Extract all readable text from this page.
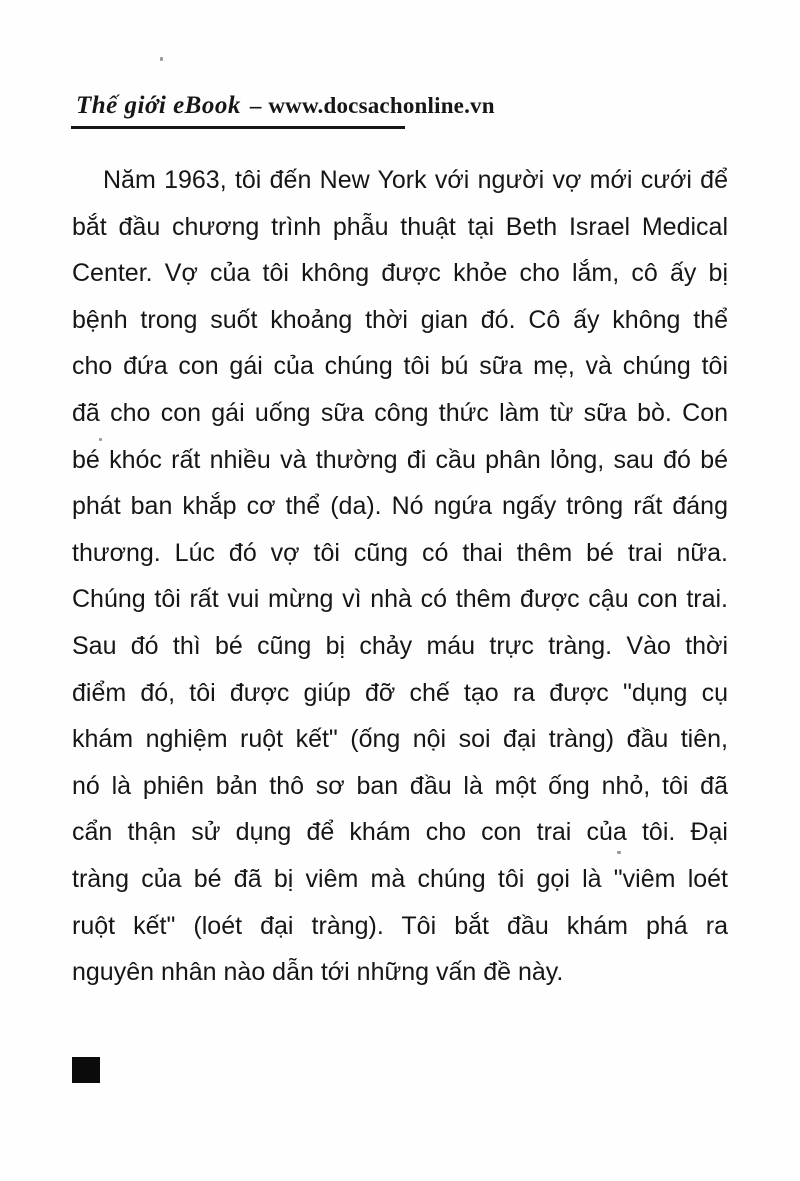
Thế giới eBook – www.docsachonline.vn
Năm 1963, tôi đến New York với người vợ mới cưới để
bắt đầu chương trình phẫu thuật tại Beth Israel Medical
Center. Vợ của tôi không được khỏe cho lắm, cô ấy bị
bệnh trong suốt khoảng thời gian đó. Cô ấy không thể
cho đứa con gái của chúng tôi bú sữa mẹ, và chúng tôi
đã cho con gái uống sữa công thức làm từ sữa bò. Con
bé khóc rất nhiều và thường đi cầu phân lỏng, sau đó bé
phát ban khắp cơ thể (da). Nó ngứa ngấy trông rất đáng
thương. Lúc đó vợ tôi cũng có thai thêm bé trai nữa.
Chúng tôi rất vui mừng vì nhà có thêm được cậu con trai.
Sau đó thì bé cũng bị chảy máu trực tràng. Vào thời
điểm đó, tôi được giúp đỡ chế tạo ra được "dụng cụ
khám nghiệm ruột kết" (ống nội soi đại tràng) đầu tiên,
nó là phiên bản thô sơ ban đầu là một ống nhỏ, tôi đã
cẩn thận sử dụng để khám cho con trai của tôi. Đại
tràng của bé đã bị viêm mà chúng tôi gọi là "viêm loét
ruột kết" (loét đại tràng). Tôi bắt đầu khám phá ra
nguyên nhân nào dẫn tới những vấn đề này.
